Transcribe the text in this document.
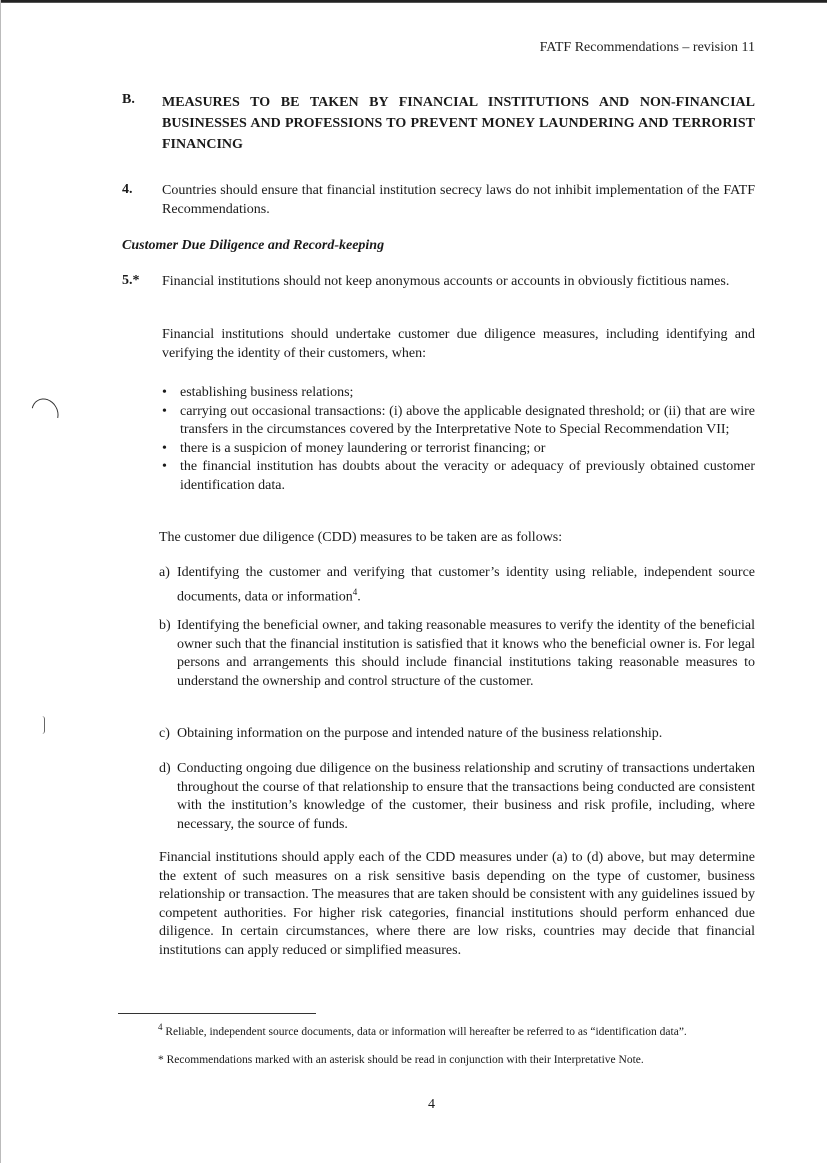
FATF Recommendations – revision 11
B. MEASURES TO BE TAKEN BY FINANCIAL INSTITUTIONS AND NON-FINANCIAL BUSINESSES AND PROFESSIONS TO PREVENT MONEY LAUNDERING AND TERRORIST FINANCING
4. Countries should ensure that financial institution secrecy laws do not inhibit implementation of the FATF Recommendations.
Customer Due Diligence and Record-keeping
5.* Financial institutions should not keep anonymous accounts or accounts in obviously fictitious names.
Financial institutions should undertake customer due diligence measures, including identifying and verifying the identity of their customers, when:
• establishing business relations;
• carrying out occasional transactions: (i) above the applicable designated threshold; or (ii) that are wire transfers in the circumstances covered by the Interpretative Note to Special Recommendation VII;
• there is a suspicion of money laundering or terrorist financing; or
• the financial institution has doubts about the veracity or adequacy of previously obtained customer identification data.
The customer due diligence (CDD) measures to be taken are as follows:
a) Identifying the customer and verifying that customer’s identity using reliable, independent source documents, data or information$^4$.
b) Identifying the beneficial owner, and taking reasonable measures to verify the identity of the beneficial owner such that the financial institution is satisfied that it knows who the beneficial owner is. For legal persons and arrangements this should include financial institutions taking reasonable measures to understand the ownership and control structure of the customer.
c) Obtaining information on the purpose and intended nature of the business relationship.
d) Conducting ongoing due diligence on the business relationship and scrutiny of transactions undertaken throughout the course of that relationship to ensure that the transactions being conducted are consistent with the institution’s knowledge of the customer, their business and risk profile, including, where necessary, the source of funds.
Financial institutions should apply each of the CDD measures under (a) to (d) above, but may determine the extent of such measures on a risk sensitive basis depending on the type of customer, business relationship or transaction. The measures that are taken should be consistent with any guidelines issued by competent authorities. For higher risk categories, financial institutions should perform enhanced due diligence. In certain circumstances, where there are low risks, countries may decide that financial institutions can apply reduced or simplified measures.
$^4$ Reliable, independent source documents, data or information will hereafter be referred to as “identification data”.
* Recommendations marked with an asterisk should be read in conjunction with their Interpretative Note.
4
